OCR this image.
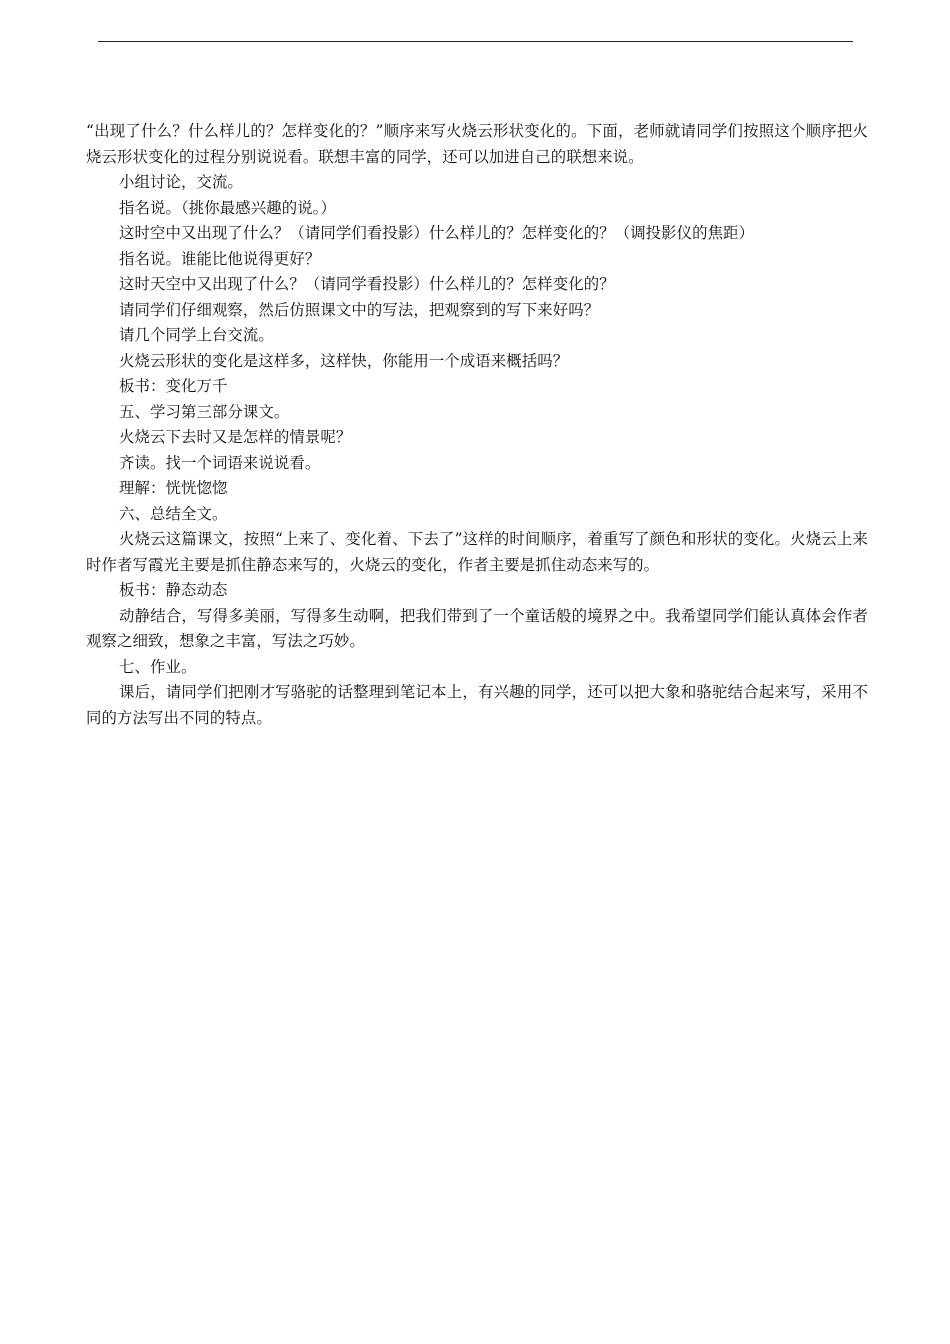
“出现了什么？什么样儿的？怎样变化的？”顺序来写火烧云形状变化的。下面，老师就请同学们按照这个顺序把火烧云形状变化的过程分别说说看。联想丰富的同学，还可以加进自己的联想来说。

小组讨论，交流。

指名说。（挑你最感兴趣的说。）

这时空中又出现了什么？（请同学们看投影）什么样儿的？怎样变化的？（调投影仪的焦距）

指名说。谁能比他说得更好？

这时天空中又出现了什么？（请同学看投影）什么样儿的？怎样变化的？

请同学们仔细观察，然后仿照课文中的写法，把观察到的写下来好吗？

请几个同学上台交流。

火烧云形状的变化是这样多，这样快，你能用一个成语来概括吗？

板书：变化万千

五、学习第三部分课文。

火烧云下去时又是怎样的情景呢？

齐读。找一个词语来说说看。

理解：恍恍惚惚

六、总结全文。

火烧云这篇课文，按照“上来了、变化着、下去了”这样的时间顺序，着重写了颜色和形状的变化。火烧云上来时作者写霞光主要是抓住静态来写的，火烧云的变化，作者主要是抓住动态来写的。

板书：静态动态

动静结合，写得多美丽，写得多生动啊，把我们带到了一个童话般的境界之中。我希望同学们能认真体会作者观察之细致，想象之丰富，写法之巧妙。

七、作业。

课后，请同学们把刚才写骆驼的话整理到笔记本上，有兴趣的同学，还可以把大象和骆驼结合起来写，采用不同的方法写出不同的特点。
